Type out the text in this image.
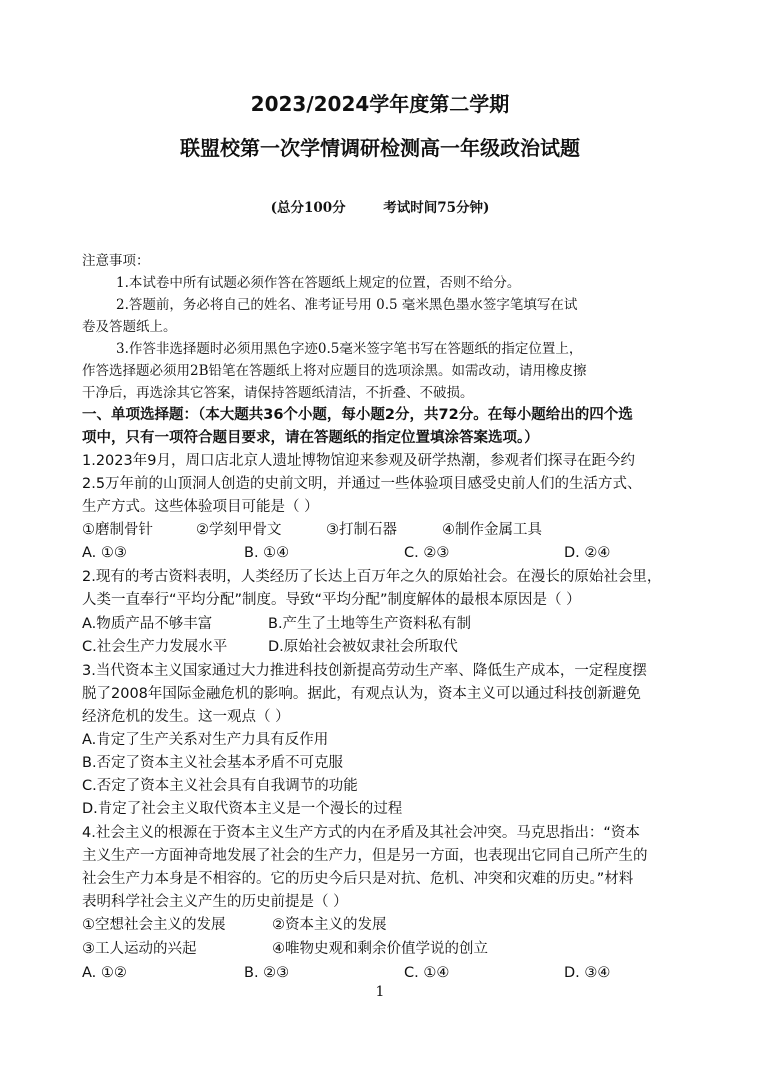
2023/2024学年度第二学期
联盟校第一次学情调研检测高一年级政治试题
(总分100分        考试时间75分钟)
注意事项：
1.本试卷中所有试题必须作答在答题纸上规定的位置，否则不给分。
2.答题前，务必将自己的姓名、准考证号用 0.5 毫米黑色墨水签字笔填写在试
卷及答题纸上。
3.作答非选择题时必须用黑色字迹0.5毫米签字笔书写在答题纸的指定位置上，
作答选择题必须用2B铅笔在答题纸上将对应题目的选项涂黑。如需改动，请用橡皮擦
干净后，再选涂其它答案，请保持答题纸清洁，不折叠、不破损。
一、单项选择题：（本大题共36个小题，每小题2分，共72分。在每小题给出的四个选
项中，只有一项符合题目要求，请在答题纸的指定位置填涂答案选项。）
1.2023年9月，周口店北京人遗址博物馆迎来参观及研学热潮，参观者们探寻在距今约
2.5万年前的山顶洞人创造的史前文明，并通过一些体验项目感受史前人们的生活方式、
生产方式。这些体验项目可能是（ ）
①磨制骨针	②学刻甲骨文	③打制石器	④制作金属工具
A. ①③	B. ①④	C. ②③	D. ②④
2.现有的考古资料表明，人类经历了长达上百万年之久的原始社会。在漫长的原始社会里，
人类一直奉行“平均分配”制度。导致“平均分配”制度解体的最根本原因是（ ）
A.物质产品不够丰富	B.产生了土地等生产资料私有制
C.社会生产力发展水平	D.原始社会被奴隶社会所取代
3.当代资本主义国家通过大力推进科技创新提高劳动生产率、降低生产成本，一定程度摆
脱了2008年国际金融危机的影响。据此，有观点认为，资本主义可以通过科技创新避免
经济危机的发生。这一观点（ ）
A.肯定了生产关系对生产力具有反作用
B.否定了资本主义社会基本矛盾不可克服
C.否定了资本主义社会具有自我调节的功能
D.肯定了社会主义取代资本主义是一个漫长的过程
4.社会主义的根源在于资本主义生产方式的内在矛盾及其社会冲突。马克思指出：“资本
主义生产一方面神奇地发展了社会的生产力，但是另一方面，也表现出它同自己所产生的
社会生产力本身是不相容的。它的历史今后只是对抗、危机、冲突和灾难的历史。”材料
表明科学社会主义产生的历史前提是（ ）
①空想社会主义的发展	②资本主义的发展
③工人运动的兴起	④唯物史观和剩余价值学说的创立
A. ①②	B. ②③	C. ①④	D. ③④
1
